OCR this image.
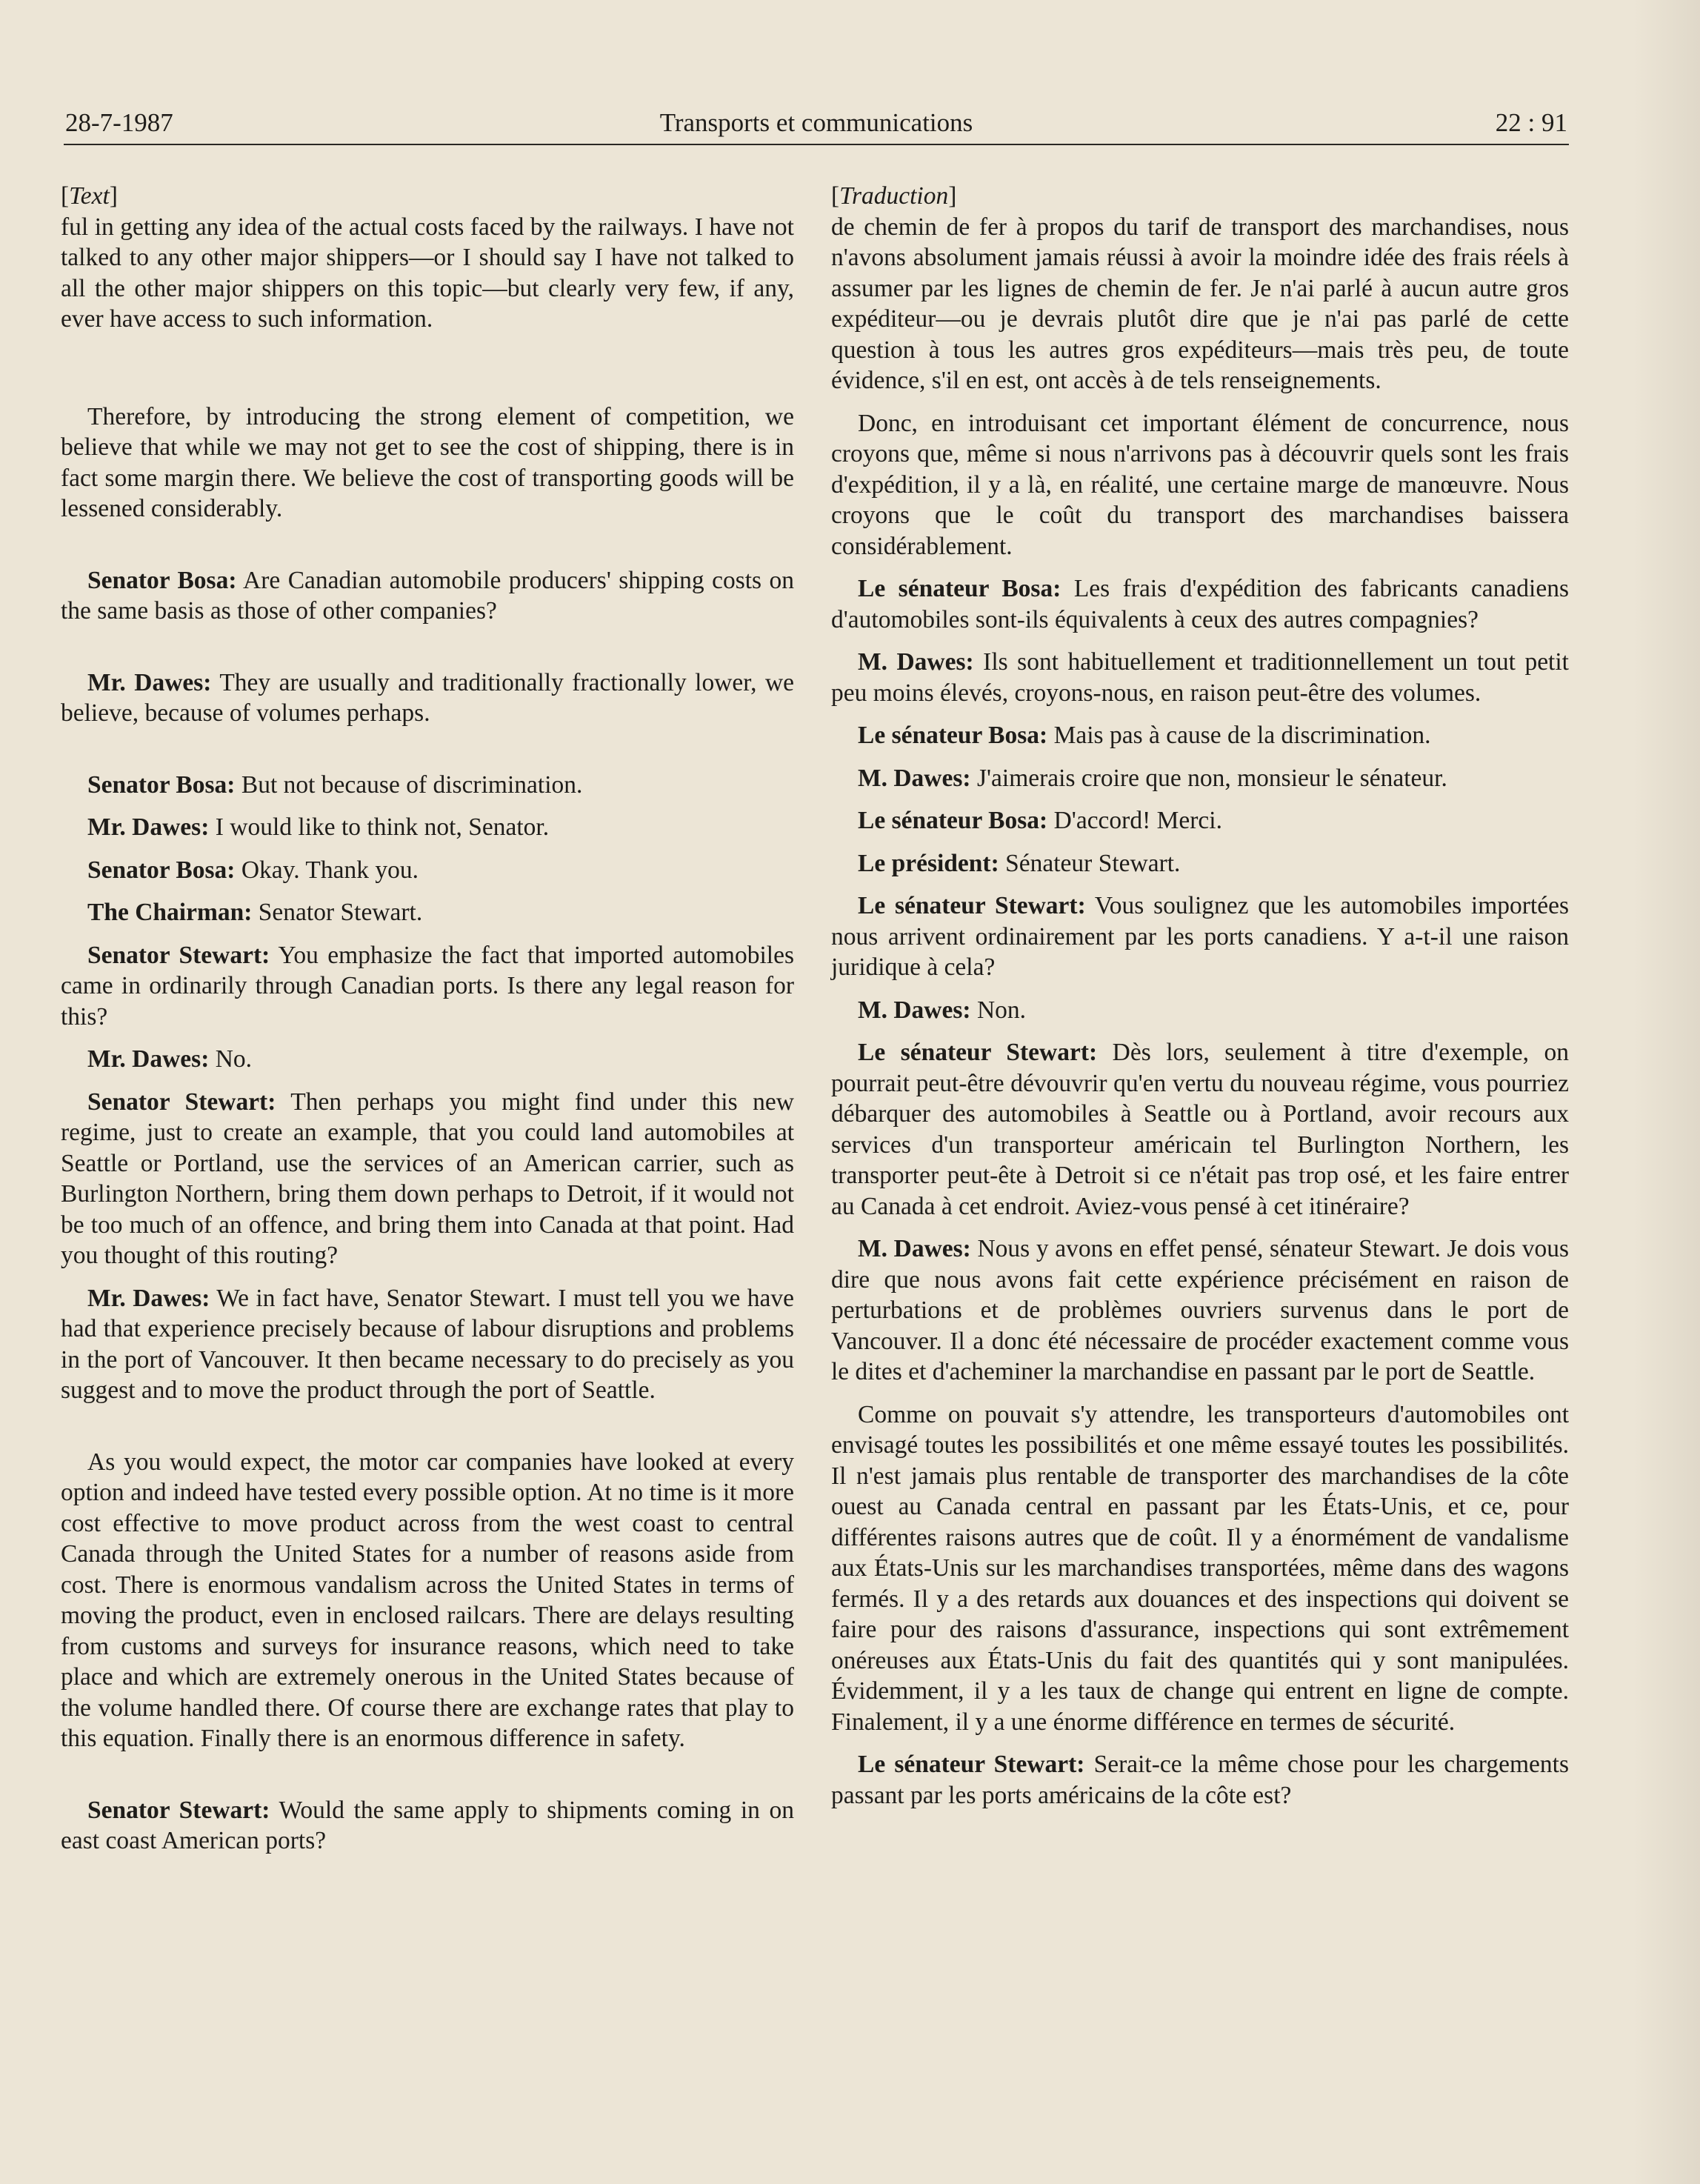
28-7-1987	Transports et communications	22 : 91

[Text]

ful in getting any idea of the actual costs faced by the railways. I have not talked to any other major shippers—or I should say I have not talked to all the other major shippers on this topic—but clearly very few, if any, ever have access to such information.

Therefore, by introducing the strong element of competition, we believe that while we may not get to see the cost of shipping, there is in fact some margin there. We believe the cost of transporting goods will be lessened considerably.

Senator Bosa: Are Canadian automobile producers' shipping costs on the same basis as those of other companies?

Mr. Dawes: They are usually and traditionally fractionally lower, we believe, because of volumes perhaps.

Senator Bosa: But not because of discrimination.

Mr. Dawes: I would like to think not, Senator.

Senator Bosa: Okay. Thank you.

The Chairman: Senator Stewart.

Senator Stewart: You emphasize the fact that imported automobiles came in ordinarily through Canadian ports. Is there any legal reason for this?

Mr. Dawes: No.

Senator Stewart: Then perhaps you might find under this new regime, just to create an example, that you could land automobiles at Seattle or Portland, use the services of an American carrier, such as Burlington Northern, bring them down perhaps to Detroit, if it would not be too much of an offence, and bring them into Canada at that point. Had you thought of this routing?

Mr. Dawes: We in fact have, Senator Stewart. I must tell you we have had that experience precisely because of labour disruptions and problems in the port of Vancouver. It then became necessary to do precisely as you suggest and to move the product through the port of Seattle.

As you would expect, the motor car companies have looked at every option and indeed have tested every possible option. At no time is it more cost effective to move product across from the west coast to central Canada through the United States for a number of reasons aside from cost. There is enormous vandalism across the United States in terms of moving the product, even in enclosed railcars. There are delays resulting from customs and surveys for insurance reasons, which need to take place and which are extremely onerous in the United States because of the volume handled there. Of course there are exchange rates that play to this equation. Finally there is an enormous difference in safety.

Senator Stewart: Would the same apply to shipments coming in on east coast American ports?

[Traduction]

de chemin de fer à propos du tarif de transport des marchandises, nous n'avons absolument jamais réussi à avoir la moindre idée des frais réels à assumer par les lignes de chemin de fer. Je n'ai parlé à aucun autre gros expéditeur—ou je devrais plutôt dire que je n'ai pas parlé de cette question à tous les autres gros expéditeurs—mais très peu, de toute évidence, s'il en est, ont accès à de tels renseignements.

Donc, en introduisant cet important élément de concurrence, nous croyons que, même si nous n'arrivons pas à découvrir quels sont les frais d'expédition, il y a là, en réalité, une certaine marge de manœuvre. Nous croyons que le coût du transport des marchandises baissera considérablement.

Le sénateur Bosa: Les frais d'expédition des fabricants canadiens d'automobiles sont-ils équivalents à ceux des autres compagnies?

M. Dawes: Ils sont habituellement et traditionnellement un tout petit peu moins élevés, croyons-nous, en raison peut-être des volumes.

Le sénateur Bosa: Mais pas à cause de la discrimination.

M. Dawes: J'aimerais croire que non, monsieur le sénateur.

Le sénateur Bosa: D'accord! Merci.

Le président: Sénateur Stewart.

Le sénateur Stewart: Vous soulignez que les automobiles importées nous arrivent ordinairement par les ports canadiens. Y a-t-il une raison juridique à cela?

M. Dawes: Non.

Le sénateur Stewart: Dès lors, seulement à titre d'exemple, on pourrait peut-être dévouvrir qu'en vertu du nouveau régime, vous pourriez débarquer des automobiles à Seattle ou à Portland, avoir recours aux services d'un transporteur américain tel Burlington Northern, les transporter peut-ête à Detroit si ce n'était pas trop osé, et les faire entrer au Canada à cet endroit. Aviez-vous pensé à cet itinéraire?

M. Dawes: Nous y avons en effet pensé, sénateur Stewart. Je dois vous dire que nous avons fait cette expérience précisément en raison de perturbations et de problèmes ouvriers survenus dans le port de Vancouver. Il a donc été nécessaire de procéder exactement comme vous le dites et d'acheminer la marchandise en passant par le port de Seattle.

Comme on pouvait s'y attendre, les transporteurs d'automobiles ont envisagé toutes les possibilités et one même essayé toutes les possibilités. Il n'est jamais plus rentable de transporter des marchandises de la côte ouest au Canada central en passant par les États-Unis, et ce, pour différentes raisons autres que de coût. Il y a énormément de vandalisme aux États-Unis sur les marchandises transportées, même dans des wagons fermés. Il y a des retards aux douances et des inspections qui doivent se faire pour des raisons d'assurance, inspections qui sont extrêmement onéreuses aux États-Unis du fait des quantités qui y sont manipulées. Évidemment, il y a les taux de change qui entrent en ligne de compte. Finalement, il y a une énorme différence en termes de sécurité.

Le sénateur Stewart: Serait-ce la même chose pour les chargements passant par les ports américains de la côte est?
